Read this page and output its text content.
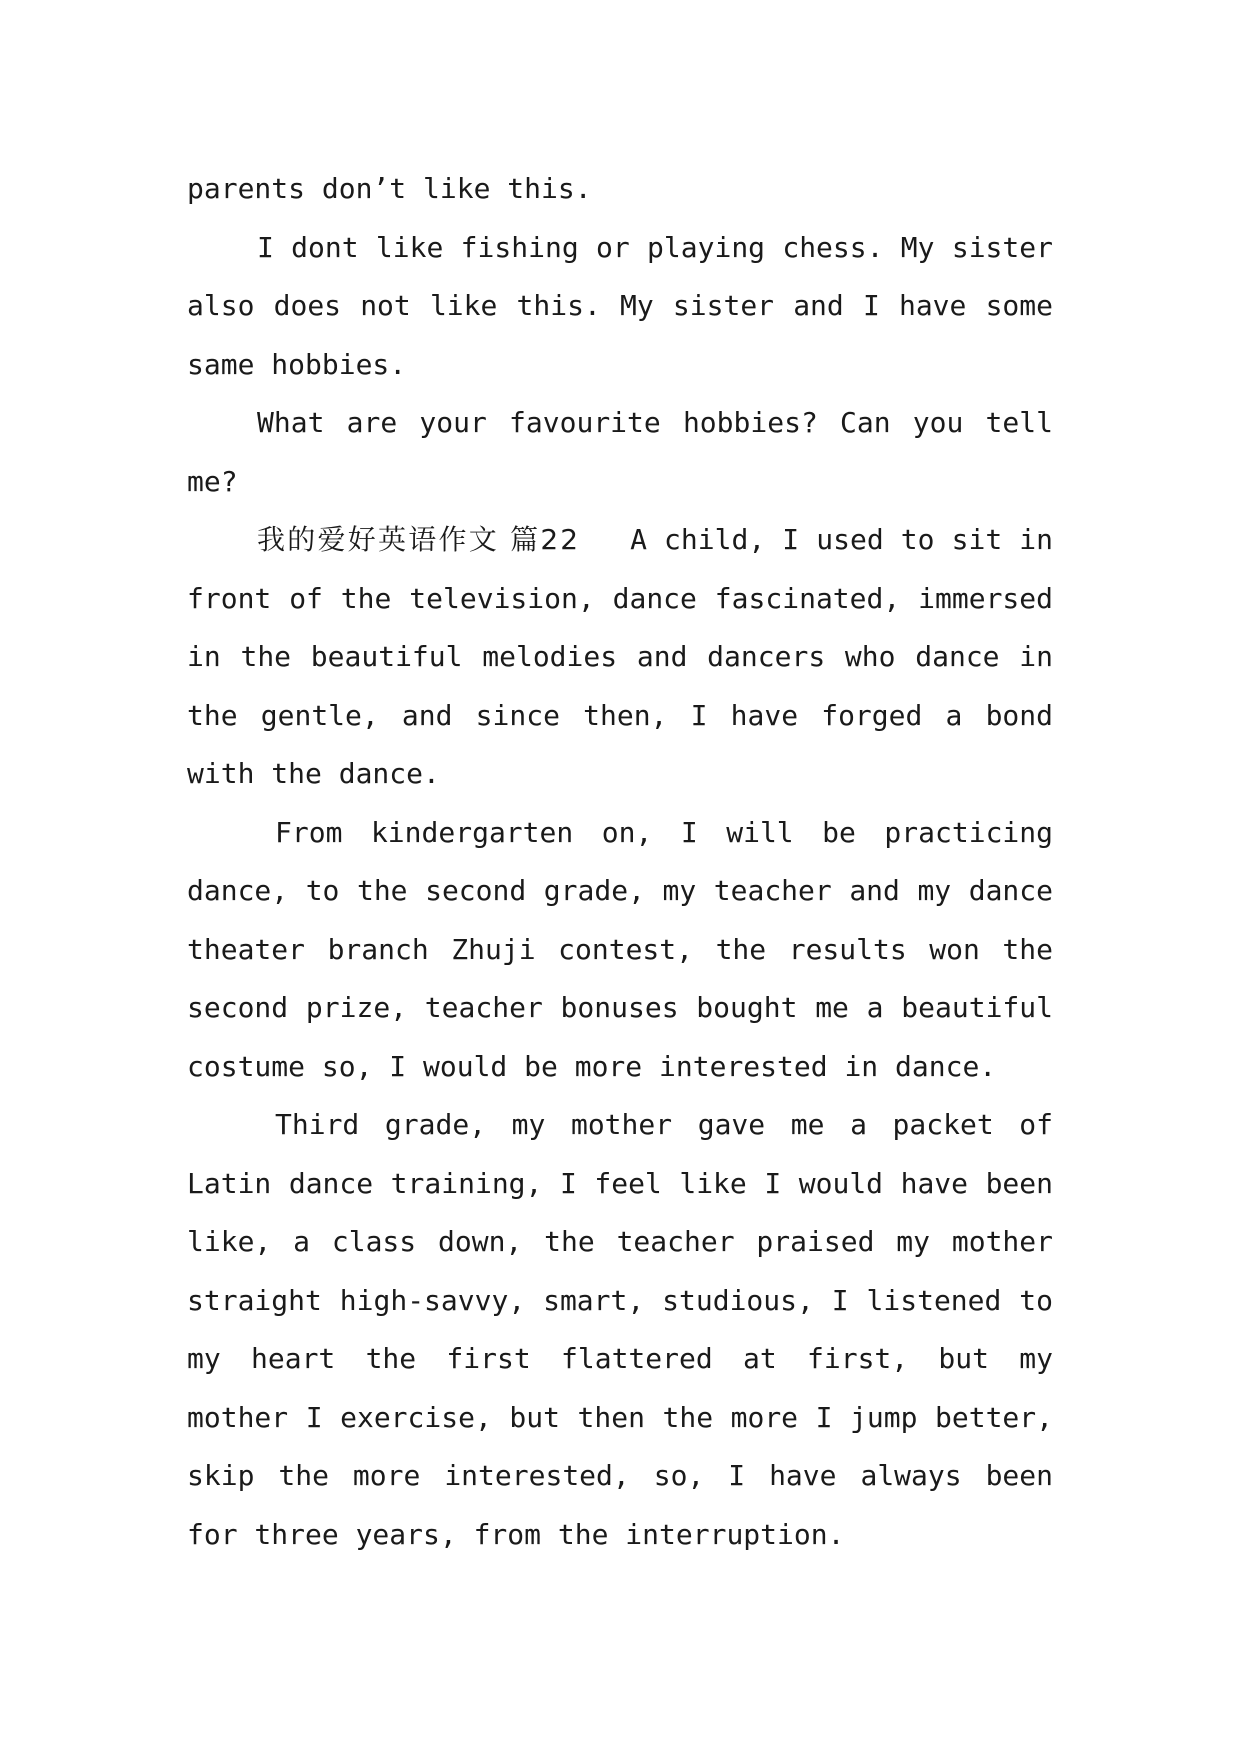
parents don’t like this.

I dont like fishing or playing chess. My sister also does not like this. My sister and I have some same hobbies.

What are your favourite hobbies? Can you tell me?

我的爱好英语作文 篇22 A child, I used to sit in front of the television, dance fascinated, immersed in the beautiful melodies and dancers who dance in the gentle, and since then, I have forged a bond with the dance.

From kindergarten on, I will be practicing dance, to the second grade, my teacher and my dance theater branch Zhuji contest, the results won the second prize, teacher bonuses bought me a beautiful costume so, I would be more interested in dance.

Third grade, my mother gave me a packet of Latin dance training, I feel like I would have been like, a class down, the teacher praised my mother straight high-savvy, smart, studious, I listened to my heart the first flattered at first, but my mother I exercise, but then the more I jump better, skip the more interested, so, I have always been for three years, from the interruption.
